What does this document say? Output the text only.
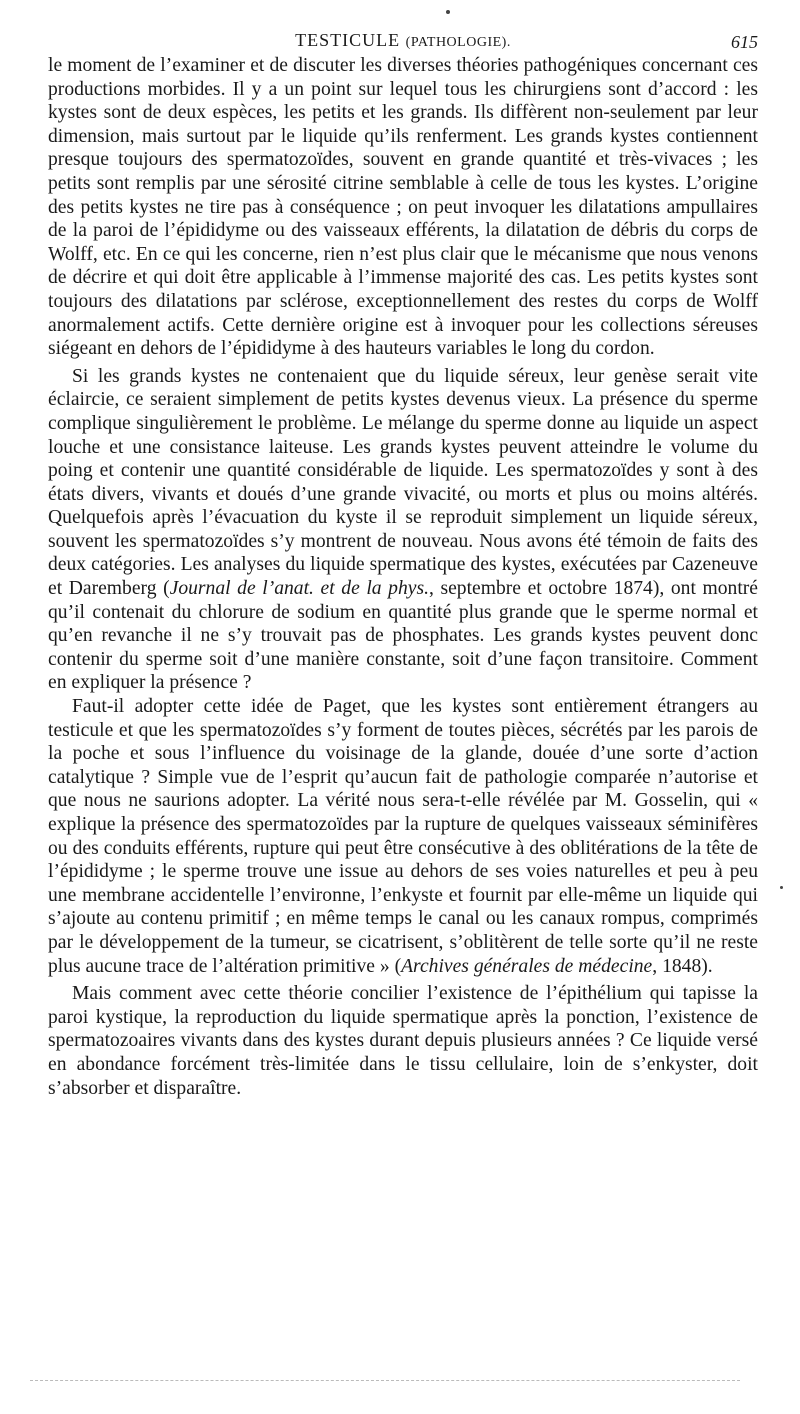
TESTICULE (PATHOLOGIE).	615

le moment de l’examiner et de discuter les diverses théories pathogéniques concernant ces productions morbides. Il y a un point sur lequel tous les chirurgiens sont d’accord : les kystes sont de deux espèces, les petits et les grands. Ils diffèrent non-seulement par leur dimension, mais surtout par le liquide qu’ils renferment. Les grands kystes contiennent presque toujours des spermatozoïdes, souvent en grande quantité et très-vivaces ; les petits sont remplis par une sérosité citrine semblable à celle de tous les kystes. L’origine des petits kystes ne tire pas à conséquence ; on peut invoquer les dilatations ampullaires de la paroi de l’épididyme ou des vaisseaux efférents, la dilatation de débris du corps de Wolff, etc. En ce qui les concerne, rien n’est plus clair que le mécanisme que nous venons de décrire et qui doit être applicable à l’immense majorité des cas. Les petits kystes sont toujours des dilatations par sclérose, exceptionnellement des restes du corps de Wolff anormalement actifs. Cette dernière origine est à invoquer pour les collections séreuses siégeant en dehors de l’épididyme à des hauteurs variables le long du cordon.

Si les grands kystes ne contenaient que du liquide séreux, leur genèse serait vite éclaircie, ce seraient simplement de petits kystes devenus vieux. La présence du sperme complique singulièrement le problème. Le mélange du sperme donne au liquide un aspect louche et une consistance laiteuse. Les grands kystes peuvent atteindre le volume du poing et contenir une quantité considérable de liquide. Les spermatozoïdes y sont à des états divers, vivants et doués d’une grande vivacité, ou morts et plus ou moins altérés. Quelquefois après l’évacuation du kyste il se reproduit simplement un liquide séreux, souvent les spermatozoïdes s’y montrent de nouveau. Nous avons été témoin de faits des deux catégories. Les analyses du liquide spermatique des kystes, exécutées par Cazeneuve et Daremberg (Journal de l’anat. et de la phys., septembre et octobre 1874), ont montré qu’il contenait du chlorure de sodium en quantité plus grande que le sperme normal et qu’en revanche il ne s’y trouvait pas de phosphates. Les grands kystes peuvent donc contenir du sperme soit d’une manière constante, soit d’une façon transitoire. Comment en expliquer la présence ?

Faut-il adopter cette idée de Paget, que les kystes sont entièrement étrangers au testicule et que les spermatozoïdes s’y forment de toutes pièces, sécrétés par les parois de la poche et sous l’influence du voisinage de la glande, douée d’une sorte d’action catalytique ? Simple vue de l’esprit qu’aucun fait de pathologie comparée n’autorise et que nous ne saurions adopter. La vérité nous sera-t-elle révélée par M. Gosselin, qui « explique la présence des spermatozoïdes par la rupture de quelques vaisseaux séminifères ou des conduits efférents, rupture qui peut être consécutive à des oblitérations de la tête de l’épididyme ; le sperme trouve une issue au dehors de ses voies naturelles et peu à peu une membrane accidentelle l’environne, l’enkyste et fournit par elle-même un liquide qui s’ajoute au contenu primitif ; en même temps le canal ou les canaux rompus, comprimés par le développement de la tumeur, se cicatrisent, s’oblitèrent de telle sorte qu’il ne reste plus aucune trace de l’altération primitive » (Archives générales de médecine, 1848).

Mais comment avec cette théorie concilier l’existence de l’épithélium qui tapisse la paroi kystique, la reproduction du liquide spermatique après la ponction, l’existence de spermatozoaires vivants dans des kystes durant depuis plusieurs années ? Ce liquide versé en abondance forcément très-limitée dans le tissu cellulaire, loin de s’enkyster, doit s’absorber et disparaître.
